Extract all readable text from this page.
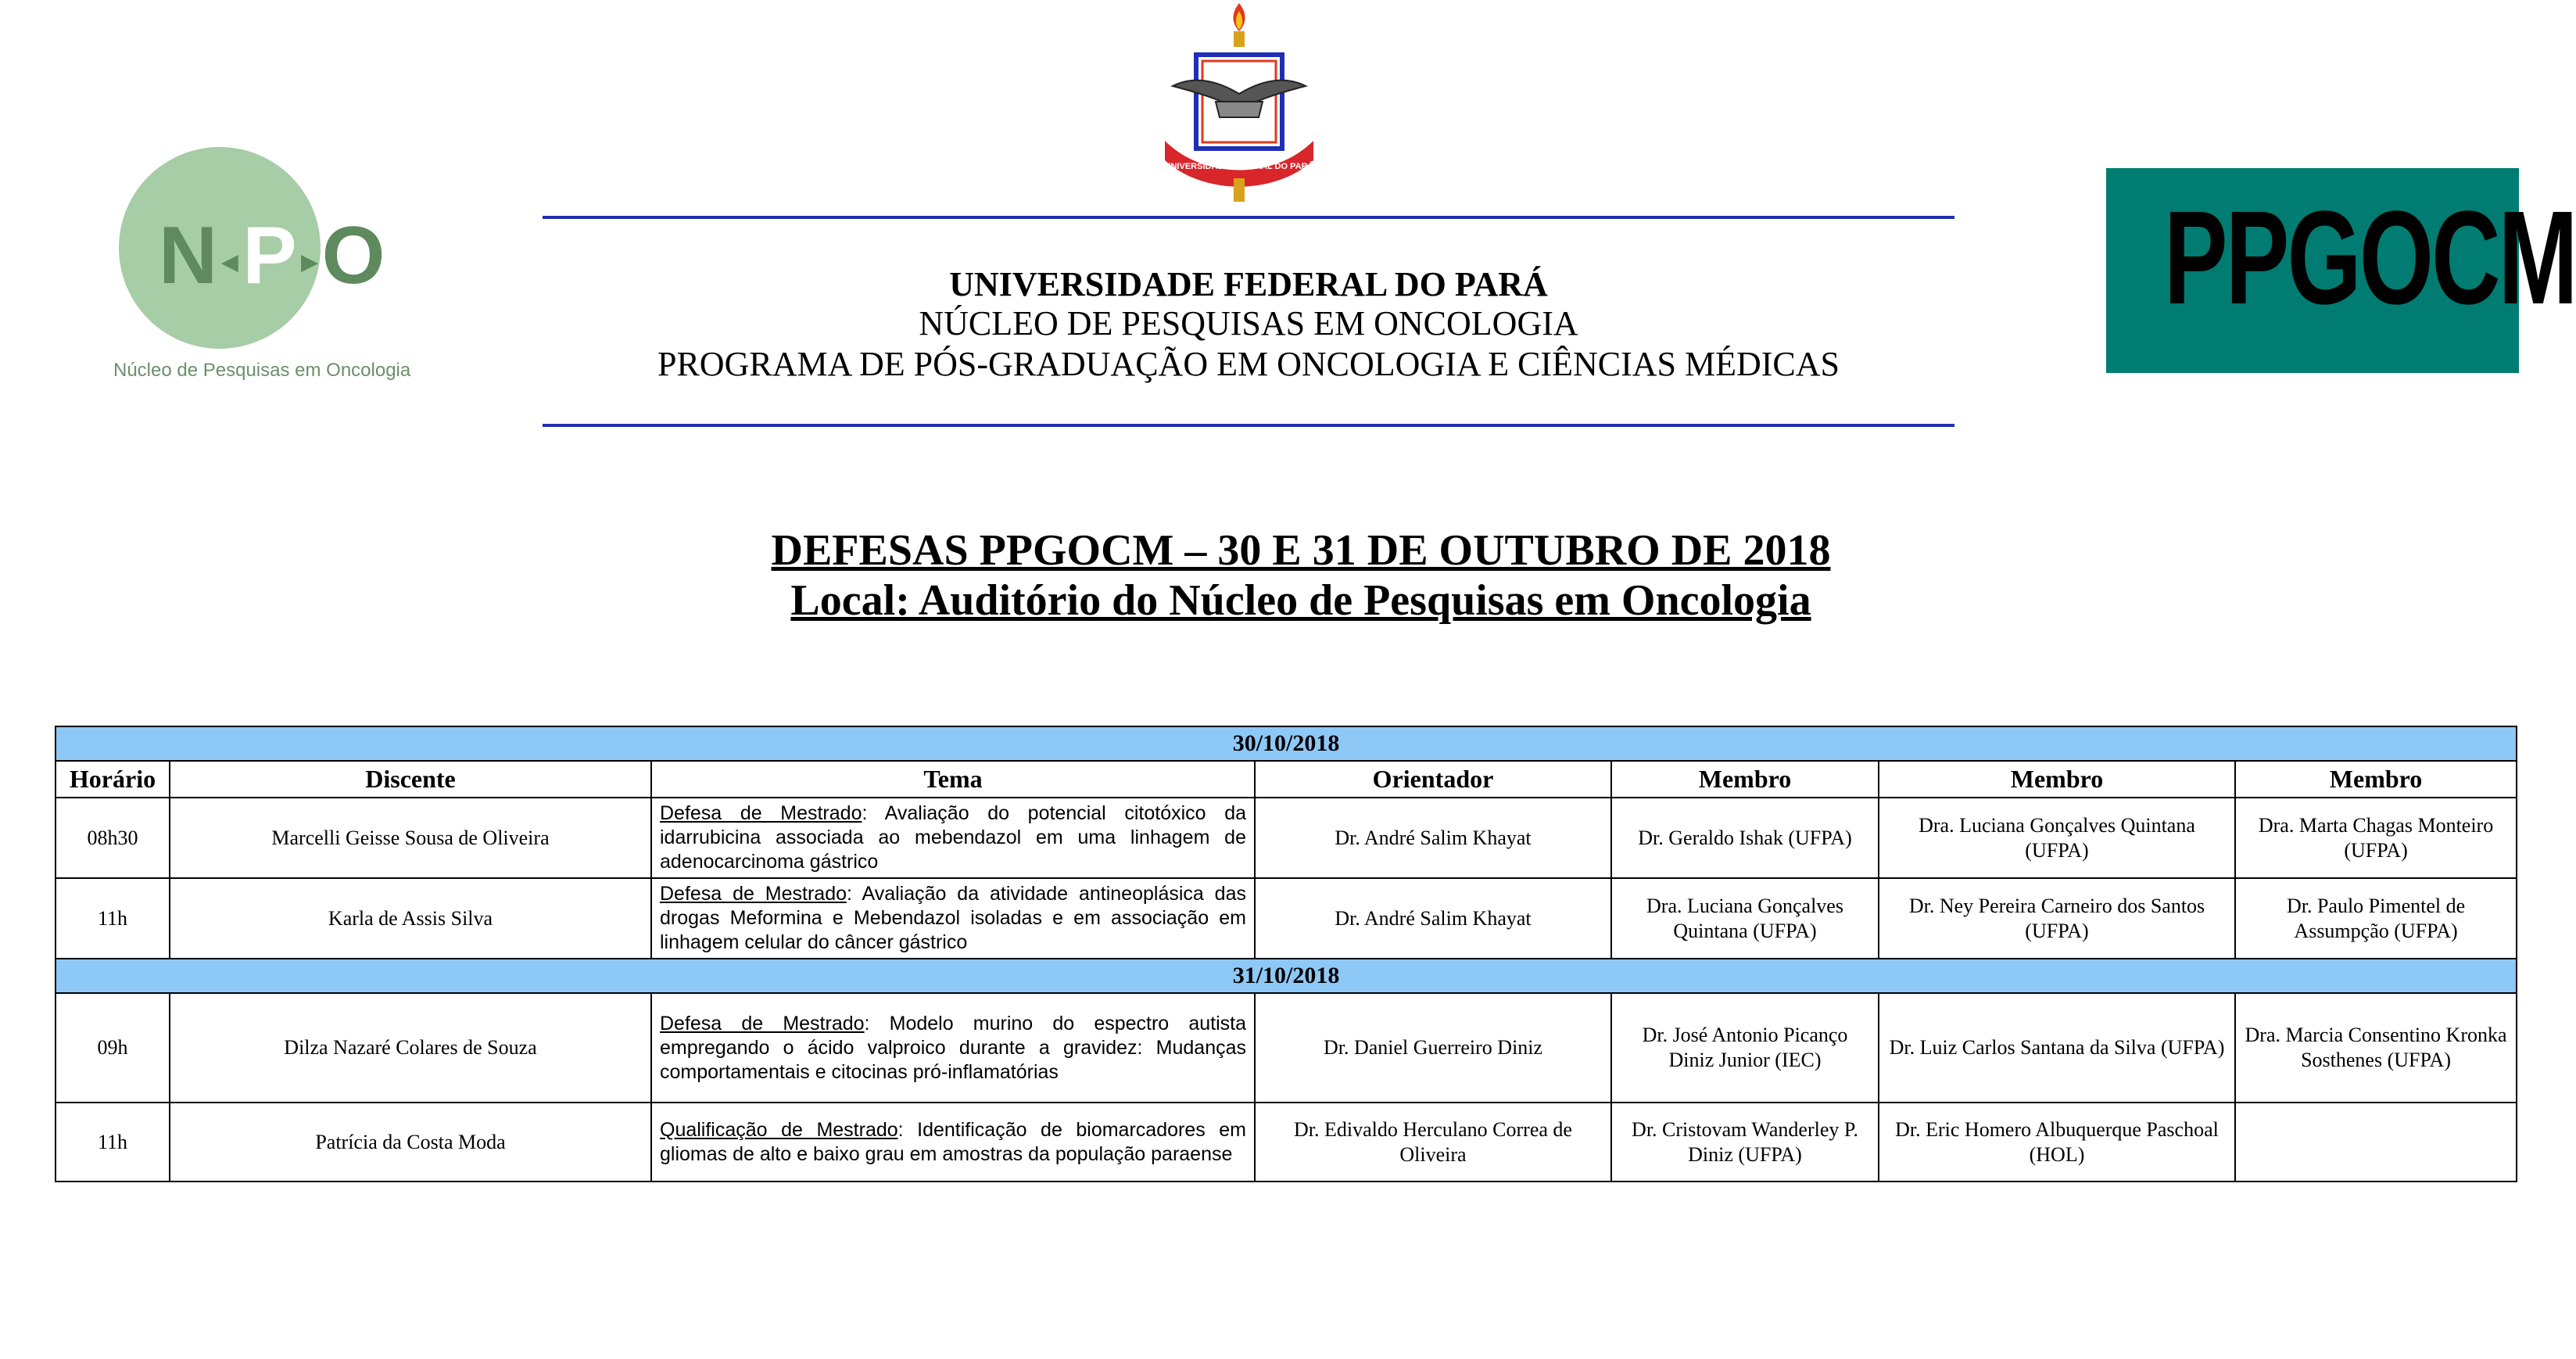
N◂P▸O
Núcleo de Pesquisas em Oncologia
UNIVERSIDADE FEDERAL DO PARÁ
PPGOCM
UNIVERSIDADE FEDERAL DO PARÁ
NÚCLEO DE PESQUISAS EM ONCOLOGIA
PROGRAMA DE PÓS-GRADUAÇÃO EM ONCOLOGIA E CIÊNCIAS MÉDICAS
DEFESAS PPGOCM – 30 E 31 DE OUTUBRO DE 2018
Local: Auditório do Núcleo de Pesquisas em Oncologia
30/10/2018						
Horário	Discente	Tema	Orientador	Membro	Membro	Membro
08h30	Marcelli Geisse Sousa de Oliveira	Defesa de Mestrado: Avaliação do potencial citotóxico da idarrubicina associada ao mebendazol em uma linhagem de adenocarcinoma gástrico	Dr. André Salim Khayat	Dr. Geraldo Ishak (UFPA)	Dra. Luciana Gonçalves Quintana (UFPA)	Dra. Marta Chagas Monteiro (UFPA)
11h	Karla de Assis Silva	Defesa de Mestrado: Avaliação da atividade antineoplásica das drogas Meformina e Mebendazol isoladas e em associação em linhagem celular do câncer gástrico	Dr. André Salim Khayat	Dra. Luciana Gonçalves Quintana (UFPA)	Dr. Ney Pereira Carneiro dos Santos (UFPA)	Dr. Paulo Pimentel de Assumpção (UFPA)
31/10/2018						
09h	Dilza Nazaré Colares de Souza	Defesa de Mestrado: Modelo murino do espectro autista empregando o ácido valproico durante a gravidez: Mudanças comportamentais e citocinas pró-inflamatórias	Dr. Daniel Guerreiro Diniz	Dr. José Antonio Picanço Diniz Junior (IEC)	Dr. Luiz Carlos Santana da Silva (UFPA)	Dra. Marcia Consentino Kronka Sosthenes (UFPA)
11h	Patrícia da Costa Moda	Qualificação de Mestrado: Identificação de biomarcadores em gliomas de alto e baixo grau em amostras da população paraense	Dr. Edivaldo Herculano Correa de Oliveira	Dr. Cristovam Wanderley P. Diniz (UFPA)	Dr. Eric Homero Albuquerque Paschoal (HOL)	
